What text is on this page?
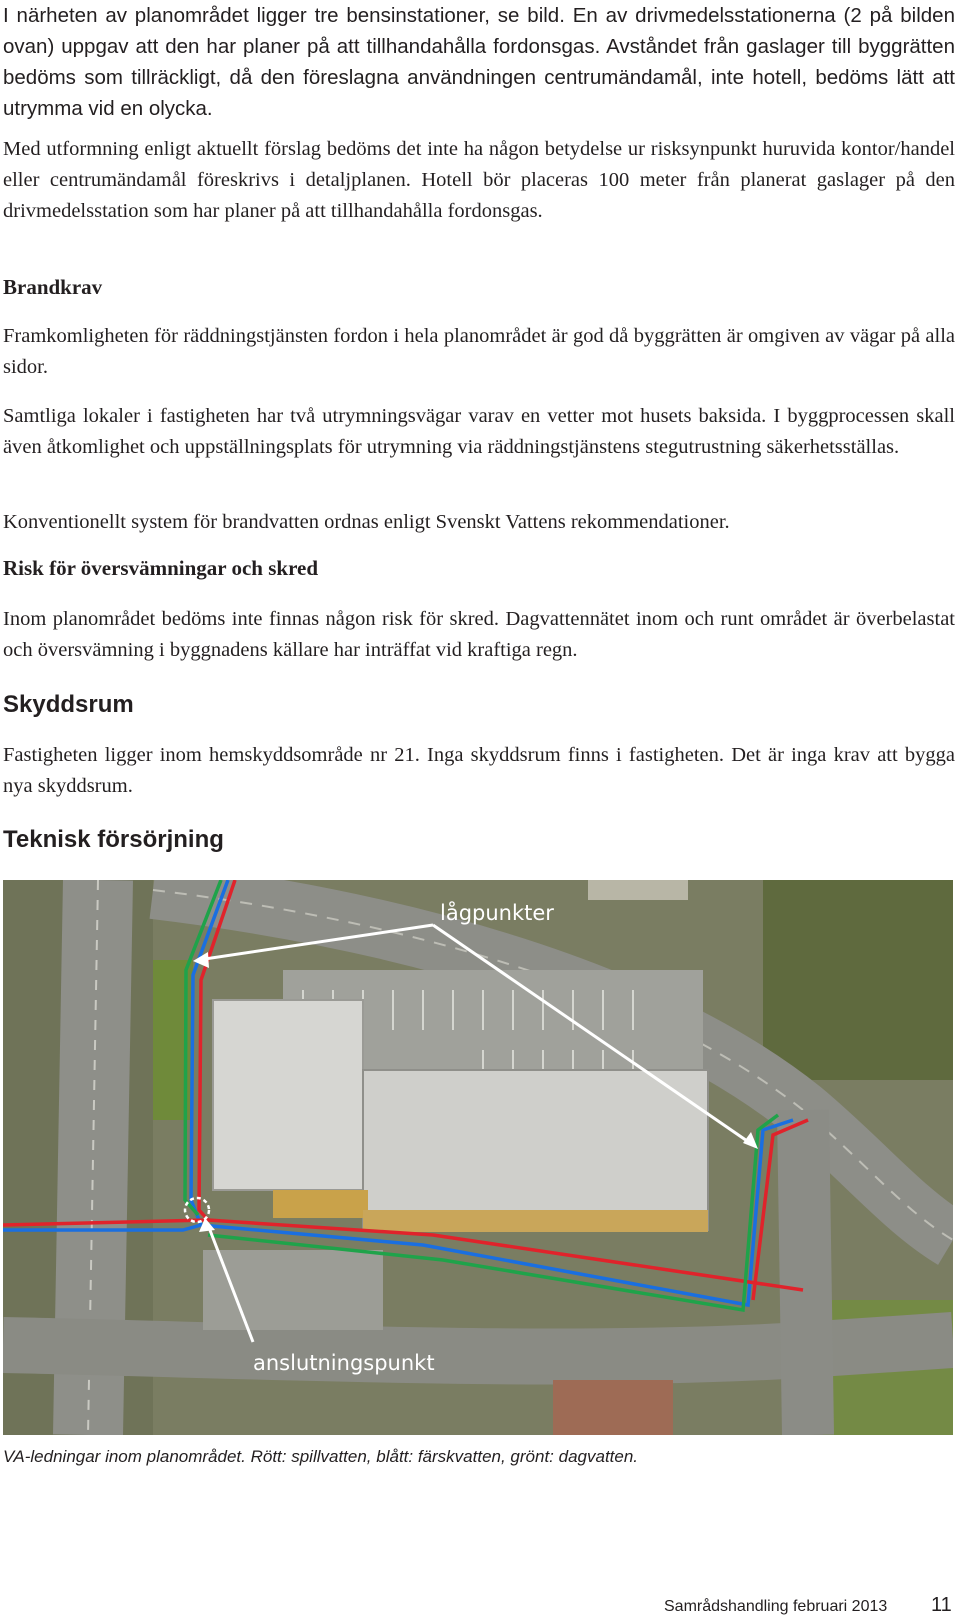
I närheten av planområdet ligger tre bensinstationer, se bild. En av drivmedelsstationerna (2 på bilden ovan) uppgav att den har planer på att tillhandahålla fordonsgas. Avståndet från gaslager till byggrätten bedöms som tillräckligt, då den föreslagna användningen centrumändamål, inte hotell, bedöms lätt att utrymma vid en olycka.

Med utformning enligt aktuellt förslag bedöms det inte ha någon betydelse ur risksynpunkt huruvida kontor/handel eller centrumändamål föreskrivs i detaljplanen. Hotell bör placeras 100 meter från planerat gaslager på den drivmedelsstation som har planer på att tillhandahålla fordonsgas.

Brandkrav

Framkomligheten för räddningstjänsten fordon i hela planområdet är god då byggrätten är omgiven av vägar på alla sidor.

Samtliga lokaler i fastigheten har två utrymningsvägar varav en vetter mot husets baksida. I byggprocessen skall även åtkomlighet och uppställningsplats för utrymning via räddningstjänstens stegutrustning säkerhetsställas.

Konventionellt system för brandvatten ordnas enligt Svenskt Vattens rekommendationer.

Risk för översvämningar och skred

Inom planområdet bedöms inte finnas någon risk för skred. Dagvattennätet inom och runt området är överbelastat och översvämning i byggnadens källare har inträffat vid kraftiga regn.

Skyddsrum

Fastigheten ligger inom hemskyddsområde nr 21. Inga skyddsrum finns i fastigheten. Det är inga krav att bygga nya skyddsrum.

Teknisk försörjning
lågpunkter
anslutningspunkt

VA-ledningar inom planområdet. Rött: spillvatten, blått: färskvatten, grönt: dagvatten.

Samrådshandling februari 2013 11
